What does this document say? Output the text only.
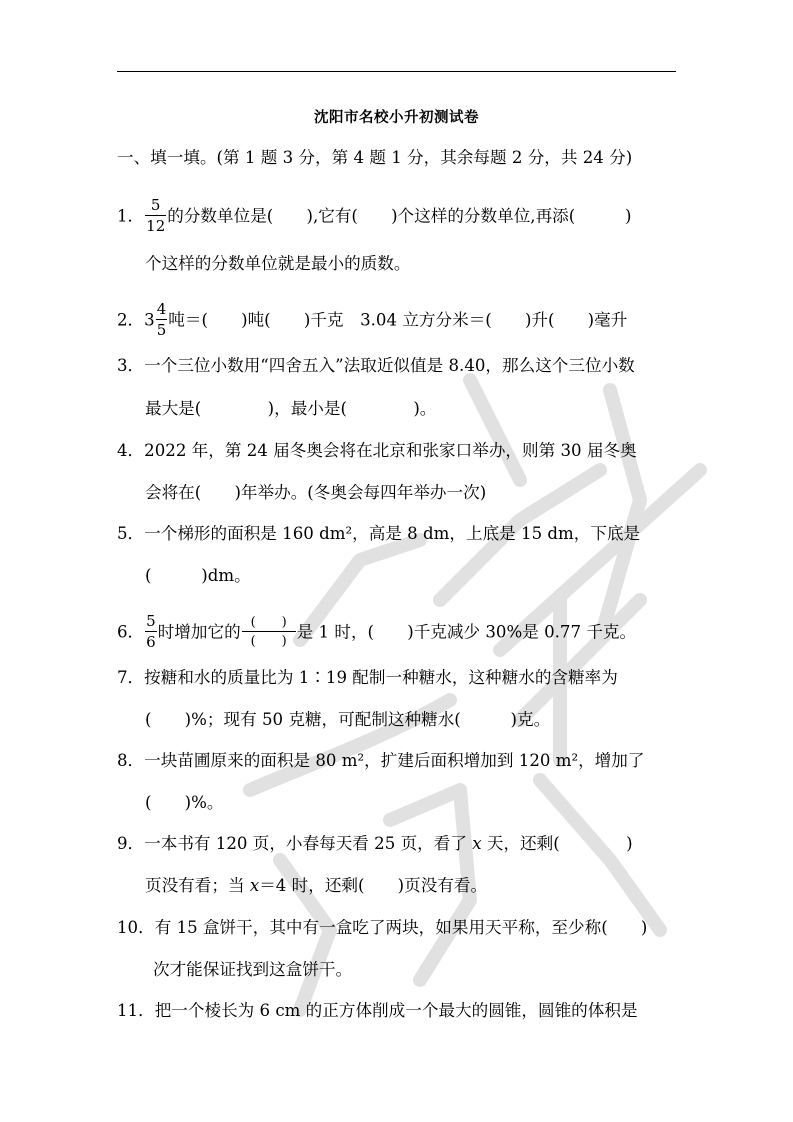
沈阳市名校小升初测试卷
一、填一填。(第 1 题 3 分，第 4 题 1 分，其余每题 2 分，共 24 分)
1． $\frac{5}{12}$ 的分数单位是(　　),它有(　　)个这样的分数单位,再添(　　　)
个这样的分数单位就是最小的质数。
2．$3 \frac{4}{5}$ 吨＝(　　)吨(　　)千克　3.04 立方分米＝(　　)升(　　)毫升
3．一个三位小数用“四舍五入”法取近似值是 8.40，那么这个三位小数
最大是(　　　　)，最小是(　　　　)。
4．2022 年，第 24 届冬奥会将在北京和张家口举办，则第 30 届冬奥
会将在(　　)年举办。(冬奥会每四年举办一次)
5．一个梯形的面积是 160 dm²，高是 8 dm，上底是 15 dm，下底是
(　　　)dm。
6． $\frac{5}{6}$ 时增加它的 $\frac{( )}{( )}$ 是 1 时，(　　)千克减少 30%是 0.77 千克。
7．按糖和水的质量比为 1∶19 配制一种糖水，这种糖水的含糖率为
(　　)%；现有 50 克糖，可配制这种糖水(　　　)克。
8．一块苗圃原来的面积是 80 m²，扩建后面积增加到 120 m²，增加了
(　　)%。
9．一本书有 120 页，小春每天看 25 页，看了 x 天，还剩(　　　　)
页没有看；当 x＝4 时，还剩(　　)页没有看。
10．有 15 盒饼干，其中有一盒吃了两块，如果用天平称，至少称(　　)
次才能保证找到这盒饼干。
11．把一个棱长为 6 cm 的正方体削成一个最大的圆锥，圆锥的体积是
